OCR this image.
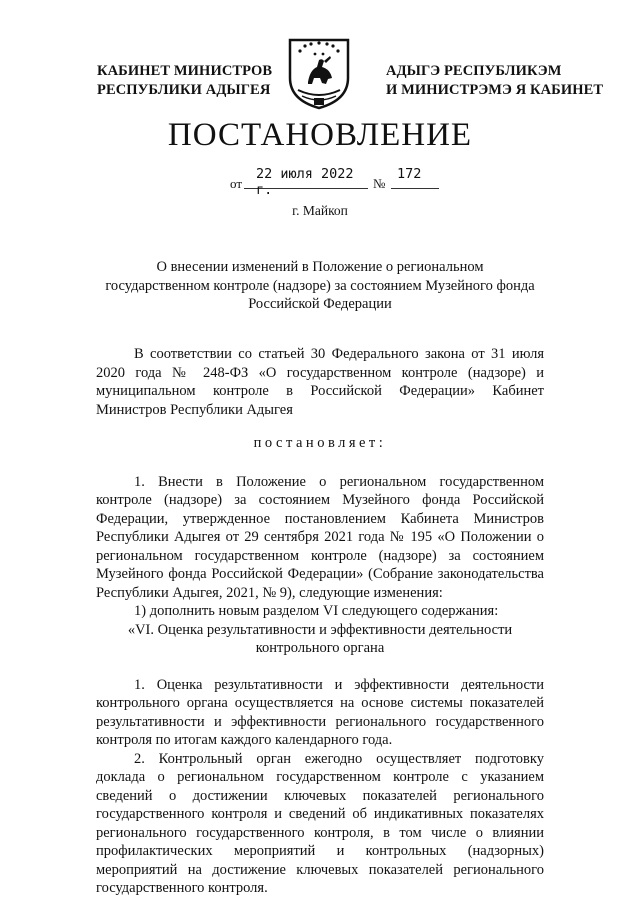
КАБИНЕТ МИНИСТРОВ
РЕСПУБЛИКИ АДЫГЕЯ
АДЫГЭ РЕСПУБЛИКЭМ
И МИНИСТРЭМЭ Я КАБИНЕТ
ПОСТАНОВЛЕНИЕ
от
22 июля 2022 г.	№
172
г. Майкоп
О внесении изменений в Положение о региональном государственном контроле (надзоре) за состоянием Музейного фонда Российской Федерации

В соответствии со статьей 30 Федерального закона от 31 июля 2020 года № 248-ФЗ «О государственном контроле (надзоре) и муниципальном контроле в Российской Федерации» Кабинет Министров Республики Адыгея

постановляет:

1. Внести в Положение о региональном государственном контроле (надзоре) за состоянием Музейного фонда Российской Федерации, утвержденное постановлением Кабинета Министров Республики Адыгея от 29 сентября 2021 года № 195 «О Положении о региональном государственном контроле (надзоре) за состоянием Музейного фонда Российской Федерации» (Собрание законодательства Республики Адыгея, 2021, № 9), следующие изменения:

1) дополнить новым разделом VI следующего содержания:

«VI. Оценка результативности и эффективности деятельности

контрольного органа

1. Оценка результативности и эффективности деятельности контрольного органа осуществляется на основе системы показателей результативности и эффективности регионального государственного контроля по итогам каждого календарного года.

2. Контрольный орган ежегодно осуществляет подготовку доклада о региональном государственном контроле с указанием сведений о достижении ключевых показателей регионального государственного контроля и сведений об индикативных показателях регионального государственного контроля, в том числе о влиянии профилактических мероприятий и контрольных (надзорных) мероприятий на достижение ключевых показателей регионального государственного контроля.
